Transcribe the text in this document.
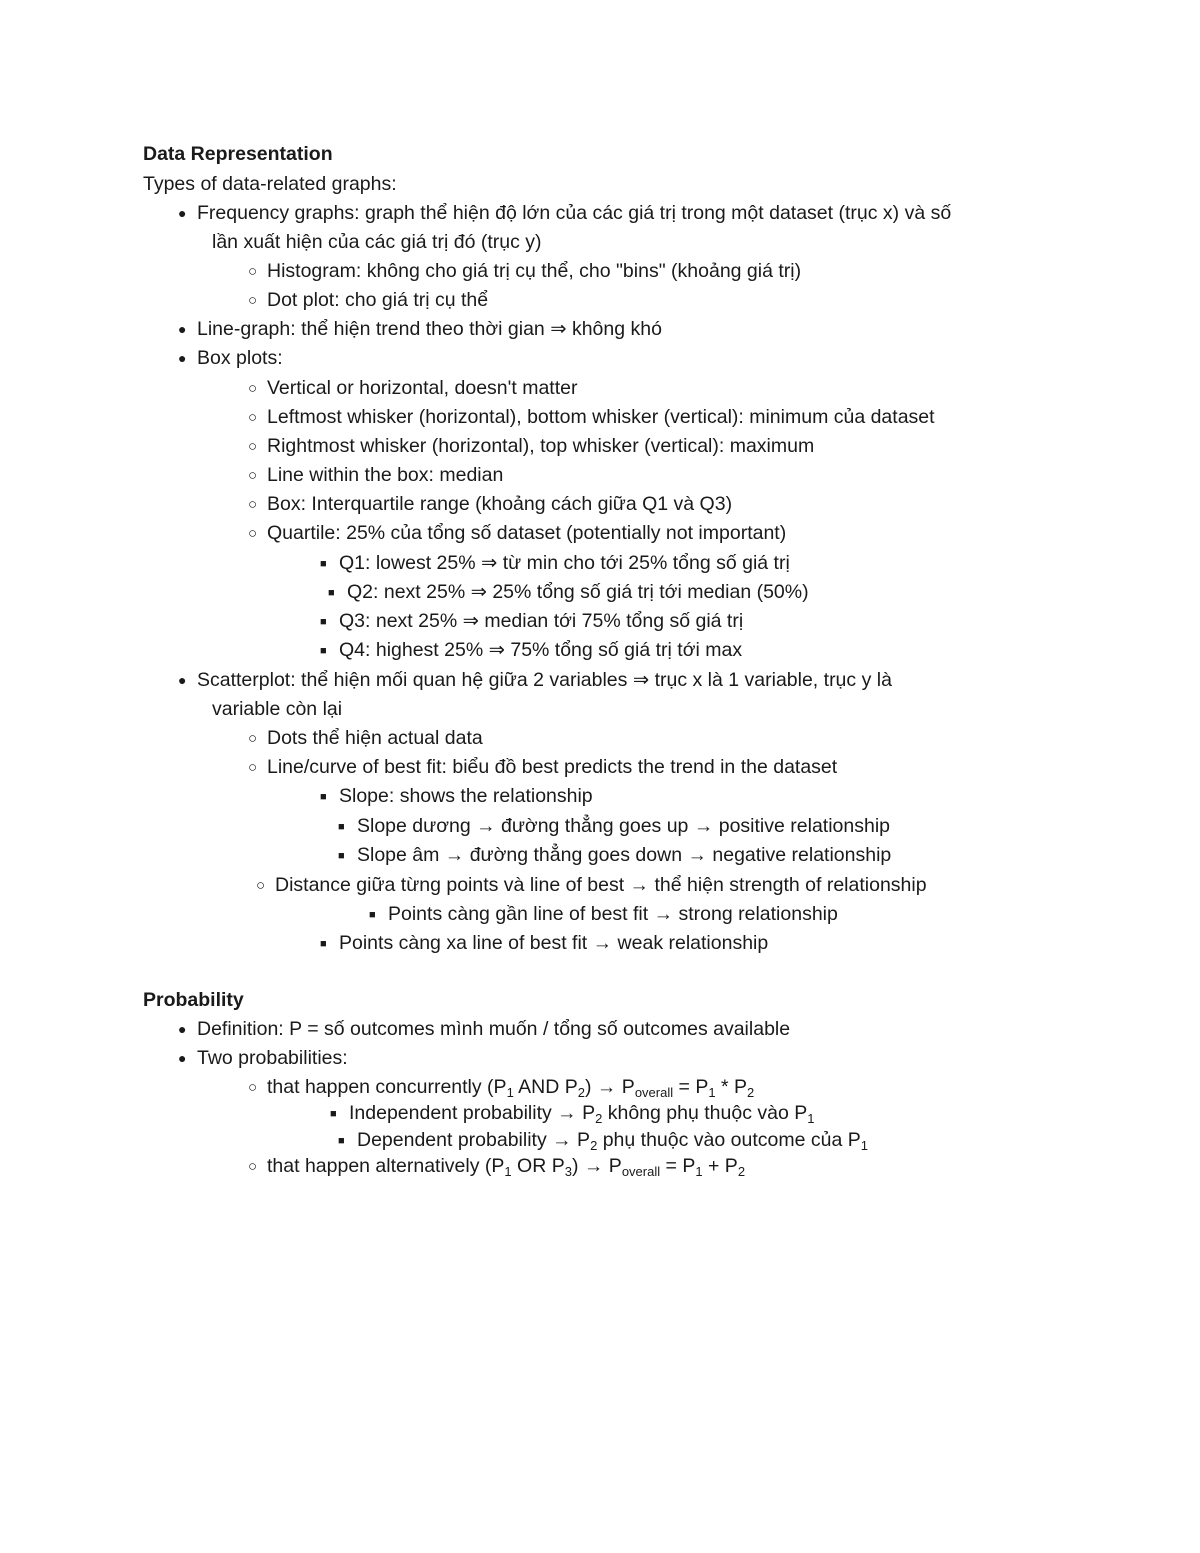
Data Representation
Types of data-related graphs:
● Frequency graphs: graph thể hiện độ lớn của các giá trị trong một dataset (trục x) và số
lần xuất hiện của các giá trị đó (trục y)
○ Histogram: không cho giá trị cụ thể, cho "bins" (khoảng giá trị)
○ Dot plot: cho giá trị cụ thể
● Line-graph: thể hiện trend theo thời gian ⇒ không khó
● Box plots:
○ Vertical or horizontal, doesn't matter
○ Leftmost whisker (horizontal), bottom whisker (vertical): minimum của dataset
○ Rightmost whisker (horizontal), top whisker (vertical): maximum
○ Line within the box: median
○ Box: Interquartile range (khoảng cách giữa Q1 và Q3)
○ Quartile: 25% của tổng số dataset (potentially not important)
■ Q1: lowest 25% ⇒ từ min cho tới 25% tổng số giá trị
■ Q2: next 25% ⇒ 25% tổng số giá trị tới median (50%)
■ Q3: next 25% ⇒ median tới 75% tổng số giá trị
■ Q4: highest 25% ⇒ 75% tổng số giá trị tới max
● Scatterplot: thể hiện mối quan hệ giữa 2 variables ⇒ trục x là 1 variable, trục y là
variable còn lại
○ Dots thể hiện actual data
○ Line/curve of best fit: biểu đồ best predicts the trend in the dataset
■ Slope: shows the relationship
■ Slope dương → đường thẳng goes up → positive relationship
■ Slope âm → đường thẳng goes down → negative relationship
○ Distance giữa từng points và line of best → thể hiện strength of relationship
■ Points càng gần line of best fit → strong relationship
■ Points càng xa line of best fit → weak relationship
Probability
● Definition: P = số outcomes mình muốn / tổng số outcomes available
● Two probabilities:
○ that happen concurrently ($P_1$ AND $P_2) \to P_{overall} = P_1 * P_2$
■ Independent probability → $P_2$ không phụ thuộc vào $P_1$
■ Dependent probability → $P_2$ phụ thuộc vào outcome của $P_1$
○ that happen alternatively ($P_1$ OR $P_3) \to P_{overall} = P_1 + P_2$
